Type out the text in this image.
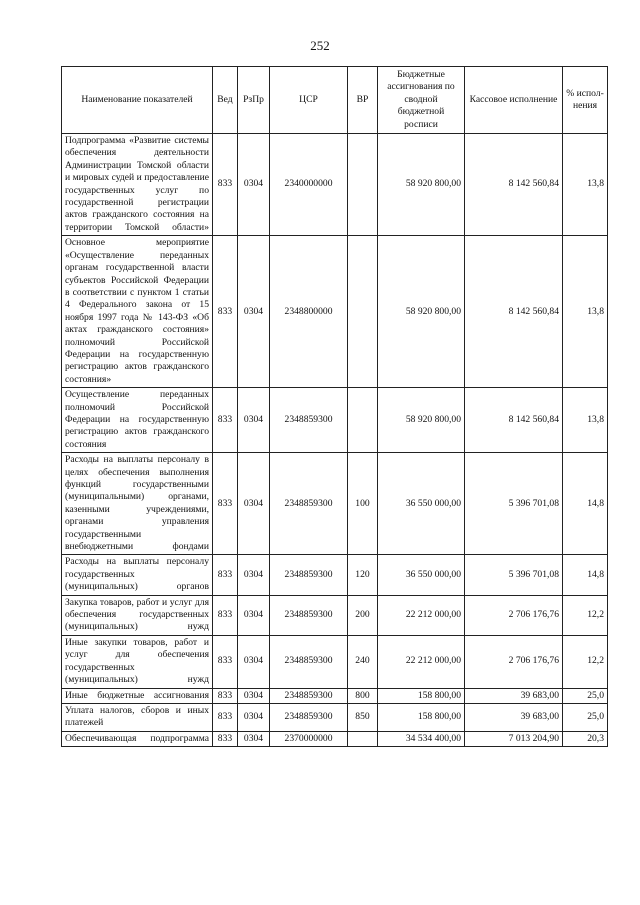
252
Наименование показателей	Вед	РзПр	ЦСР	ВР	Бюджетные ассигнования по сводной бюджетной росписи	Кассовое исполнение	% испол-нения
Подпрограмма «Развитие системы обеспечения деятельности Администрации Томской области и мировых судей и предоставление государственных услуг по государственной регистрации актов гражданского состояния на территории Томской области»	833	0304	2340000000		58 920 800,00	8 142 560,84	13,8
Основное мероприятие «Осуществление переданных органам государственной власти субъектов Российской Федерации в соответствии с пунктом 1 статьи 4 Федерального закона от 15 ноября 1997 года № 143-ФЗ «Об актах гражданского состояния» полномочий Российской Федерации на государственную регистрацию актов гражданского состояния»	833	0304	2348800000		58 920 800,00	8 142 560,84	13,8
Осуществление переданных полномочий Российской Федерации на государственную регистрацию актов гражданского состояния	833	0304	2348859300		58 920 800,00	8 142 560,84	13,8
Расходы на выплаты персоналу в целях обеспечения выполнения функций государственными (муниципальными) органами, казенными учреждениями, органами управления государственными внебюджетными фондами	833	0304	2348859300	100	36 550 000,00	5 396 701,08	14,8
Расходы на выплаты персоналу государственных (муниципальных) органов	833	0304	2348859300	120	36 550 000,00	5 396 701,08	14,8
Закупка товаров, работ и услуг для обеспечения государственных (муниципальных) нужд	833	0304	2348859300	200	22 212 000,00	2 706 176,76	12,2
Иные закупки товаров, работ и услуг для обеспечения государственных (муниципальных) нужд	833	0304	2348859300	240	22 212 000,00	2 706 176,76	12,2
Иные бюджетные ассигнования	833	0304	2348859300	800	158 800,00	39 683,00	25,0
Уплата налогов, сборов и иных платежей	833	0304	2348859300	850	158 800,00	39 683,00	25,0
Обеспечивающая подпрограмма	833	0304	2370000000		34 534 400,00	7 013 204,90	20,3
